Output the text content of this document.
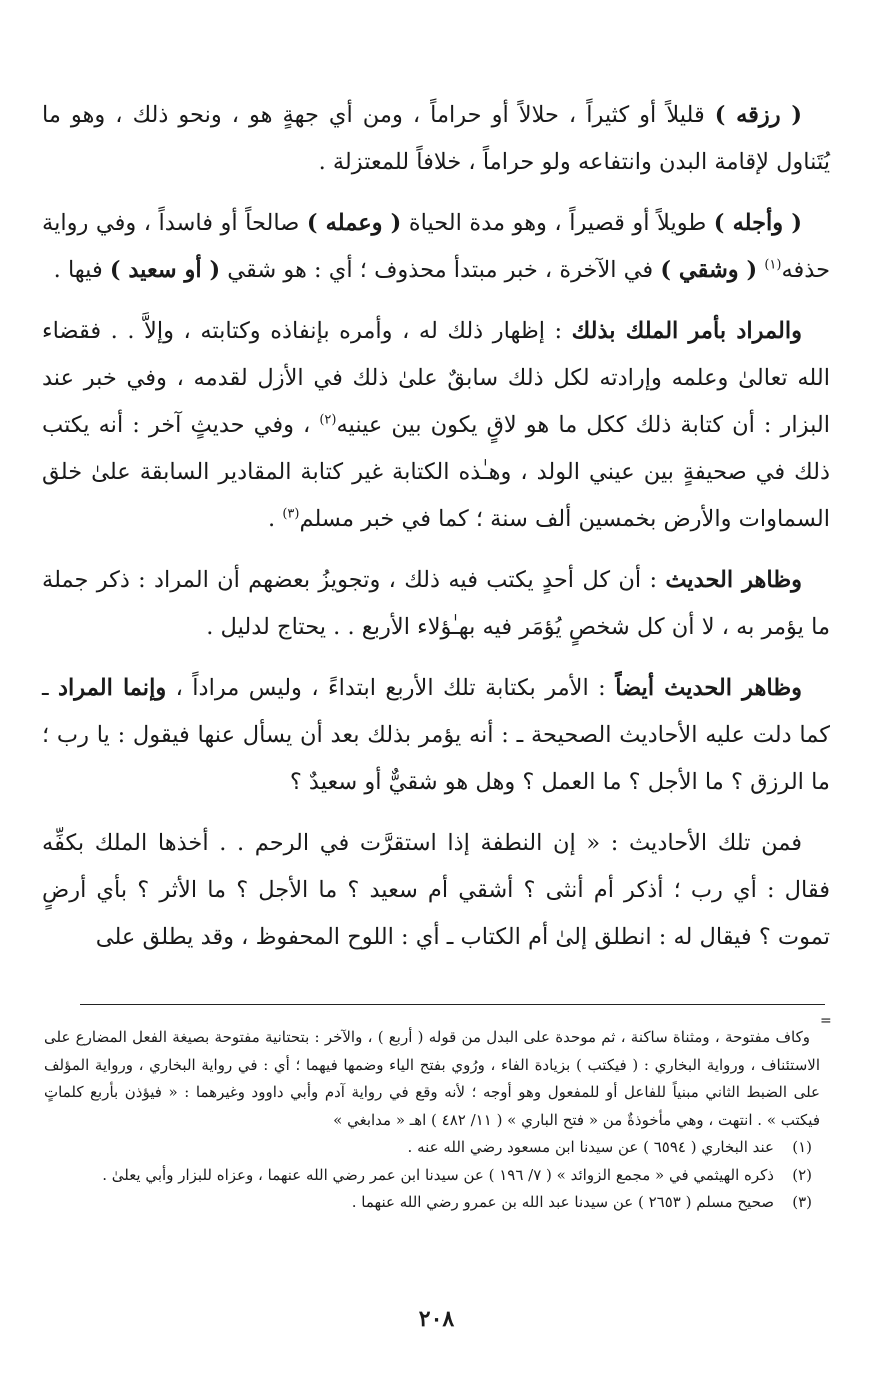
( رزقه ) قليلاً أو كثيراً ، حلالاً أو حراماً ، ومن أي جهةٍ هو ، ونحو ذلك ، وهو ما يُتَناول لإقامة البدن وانتفاعه ولو حراماً ، خلافاً للمعتزلة .

( وأجله ) طويلاً أو قصيراً ، وهو مدة الحياة ( وعمله ) صالحاً أو فاسداً ، وفي رواية حذفه$^{(١)}$ ( وشقي ) في الآخرة ، خبر مبتدأ محذوف ؛ أي : هو شقي ( أو سعيد ) فيها .

والمراد بأمر الملك بذلك : إظهار ذلك له ، وأمره بإنفاذه وكتابته ، وإلاَّ . . فقضاء الله تعالىٰ وعلمه وإرادته لكل ذلك سابقٌ علىٰ ذلك في الأزل لقدمه ، وفي خبر عند البزار : أن كتابة ذلك ككل ما هو لاقٍ يكون بين عينيه$^{(٢)}$ ، وفي حديثٍ آخر : أنه يكتب ذلك في صحيفةٍ بين عيني الولد ، وهـٰذه الكتابة غير كتابة المقادير السابقة علىٰ خلق السماوات والأرض بخمسين ألف سنة ؛ كما في خبر مسلم$^{(٣)}$ .

وظاهر الحديث : أن كل أحدٍ يكتب فيه ذلك ، وتجويزُ بعضهم أن المراد : ذكر جملة ما يؤمر به ، لا أن كل شخصٍ يُؤمَر فيه بهـٰؤلاء الأربع . . يحتاج لدليل .

وظاهر الحديث أيضاً : الأمر بكتابة تلك الأربع ابتداءً ، وليس مراداً ، وإنما المراد ـ كما دلت عليه الأحاديث الصحيحة ـ : أنه يؤمر بذلك بعد أن يسأل عنها فيقول : يا رب ؛ ما الرزق ؟ ما الأجل ؟ ما العمل ؟ وهل هو شقيٌّ أو سعيدٌ ؟

فمن تلك الأحاديث : « إن النطفة إذا استقرَّت في الرحم . . أخذها الملك بكفِّه فقال : أي رب ؛ أذكر أم أنثى ؟ أشقي أم سعيد ؟ ما الأجل ؟ ما الأثر ؟ بأي أرضٍ تموت ؟ فيقال له : انطلق إلىٰ أم الكتاب ـ أي : اللوح المحفوظ ، وقد يطلق على

=

وكاف مفتوحة ، ومثناة ساكنة ، ثم موحدة على البدل من قوله ( أربع ) ، والآخر : بتحتانية مفتوحة بصيغة الفعل المضارع على الاستئناف ، ورواية البخاري : ( فيكتب ) بزيادة الفاء ، ورُوي بفتح الياء وضمها فيهما ؛ أي : في رواية البخاري ، ورواية المؤلف على الضبط الثاني مبنياً للفاعل أو للمفعول وهو أوجه ؛ لأنه وقع في رواية آدم وأبي داوود وغيرهما : « فيؤذن بأربع كلماتٍ فيكتب » . انتهت ، وهي مأخوذةٌ من « فتح الباري » ( ١١/ ٤٨٢ ) اهـ « مدابغي »

(١)
عند البخاري ( ٦٥٩٤ ) عن سيدنا ابن مسعود رضي الله عنه .
(٢)
ذكره الهيثمي في « مجمع الزوائد » ( ٧/ ١٩٦ ) عن سيدنا ابن عمر رضي الله عنهما ، وعزاه للبزار وأبي يعلىٰ .
(٣)
صحيح مسلم ( ٢٦٥٣ ) عن سيدنا عبد الله بن عمرو رضي الله عنهما .
٢٠٨
